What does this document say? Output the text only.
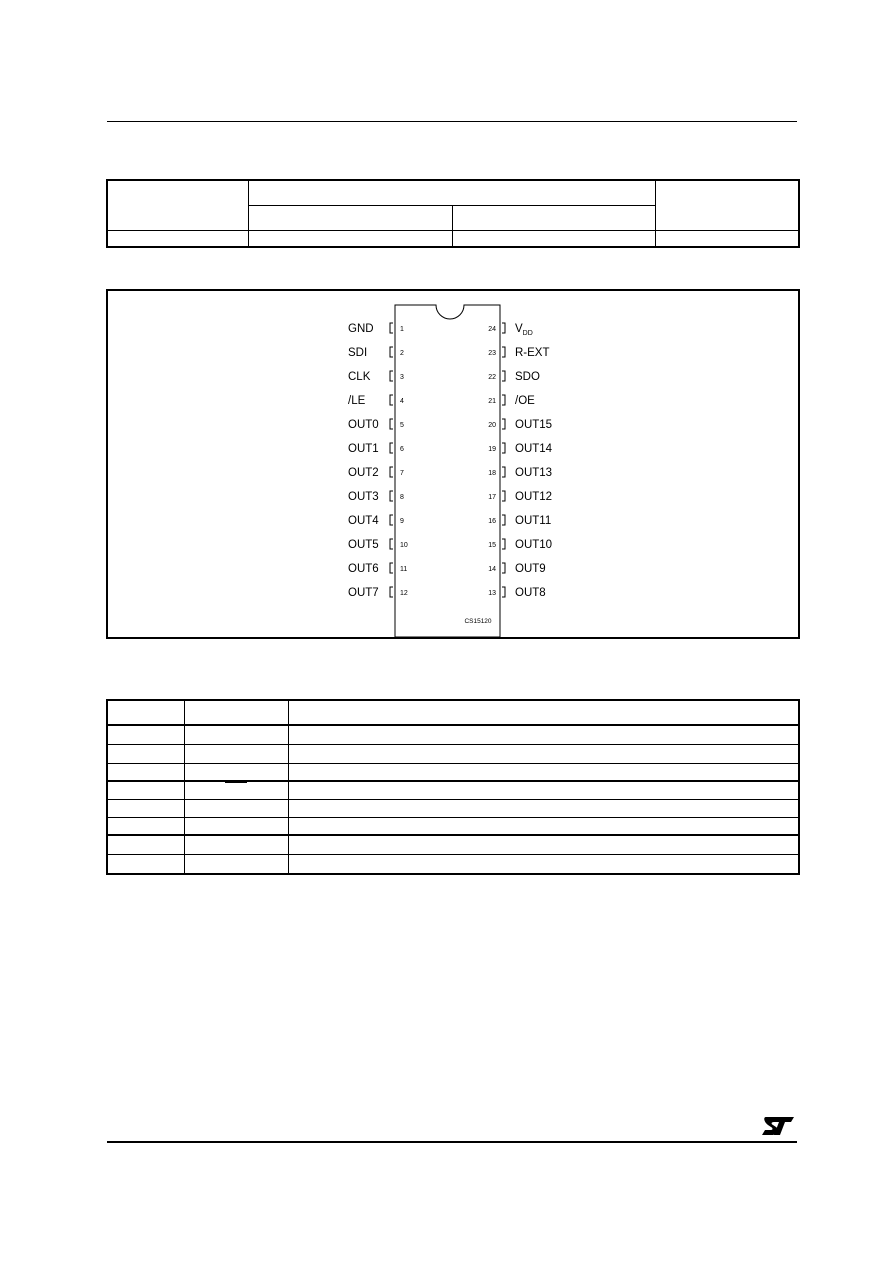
GND	1
SDI	2
CLK	3
/LE	4
OUT0	5
OUT1	6
OUT2	7
OUT3	8
OUT4	9
OUT5	10
OUT6	11
OUT7	12
24 $V_{DD}$
23 R-EXT
22 SDO
21 /OE
20 OUT15
19 OUT14
18 OUT13
17 OUT12
16 OUT11
15 OUT10
14 OUT9
13 OUT8
CS15120
